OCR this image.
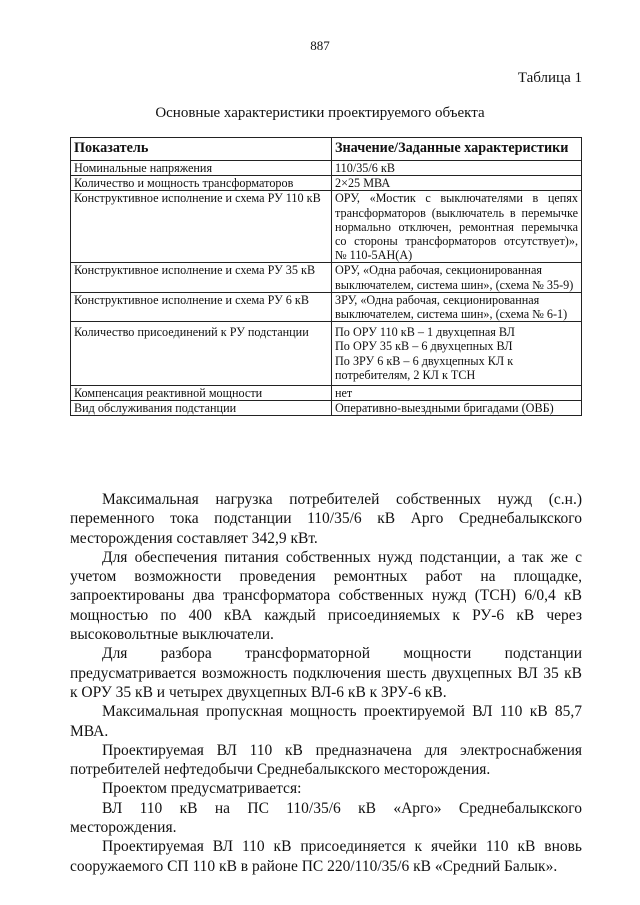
887
Таблица 1
Основные характеристики проектируемого объекта
Показатель	Значение/Заданные характеристики
Номинальные напряжения	110/35/6 кВ
Количество и мощность трансформаторов	2×25 МВА
Конструктивное исполнение и схема РУ 110 кВ	ОРУ, «Мостик с выключателями в цепях трансформаторов (выключатель в перемычке нормально отключен, ремонтная перемычка со стороны трансформаторов отсутствует)», № 110-5АН(А)
Конструктивное исполнение и схема РУ 35 кВ	ОРУ, «Одна рабочая, секционированная выключателем, система шин», (схема № 35-9)
Конструктивное исполнение и схема РУ 6 кВ	ЗРУ, «Одна рабочая, секционированная выключателем, система шин», (схема № 6-1)
Количество присоединений к РУ подстанции	По ОРУ 110 кВ – 1 двухцепная ВЛ
По ОРУ 35 кВ – 6 двухцепных ВЛ
По ЗРУ 6 кВ – 6 двухцепных КЛ к потребителям, 2 КЛ к ТСН
Компенсация реактивной мощности	нет
Вид обслуживания подстанции	Оперативно-выездными бригадами (ОВБ)

Максимальная нагрузка потребителей собственных нужд (с.н.) переменного тока подстанции 110/35/6 кВ Арго Среднебалыкского месторождения составляет 342,9 кВт.

Для обеспечения питания собственных нужд подстанции, а так же с учетом возможности проведения ремонтных работ на площадке, запроектированы два трансформатора собственных нужд (ТСН) 6/0,4 кВ мощностью по 400 кВА каждый присоединяемых к РУ-6 кВ через высоковольтные выключатели.

Для разбора трансформаторной мощности подстанции предусматривается возможность подключения шесть двухцепных ВЛ 35 кВ к ОРУ 35 кВ и четырех двухцепных ВЛ-6 кВ к ЗРУ-6 кВ.

Максимальная пропускная мощность проектируемой ВЛ 110 кВ 85,7 МВА.

Проектируемая ВЛ 110 кВ предназначена для электроснабжения потребителей нефтедобычи Среднебалыкского месторождения.

Проектом предусматривается:

ВЛ 110 кВ на ПС 110/35/6 кВ «Арго» Среднебалыкского месторождения.

Проектируемая ВЛ 110 кВ присоединяется к ячейки 110 кВ вновь сооружаемого СП 110 кВ в районе ПС 220/110/35/6 кВ «Средний Балык».
